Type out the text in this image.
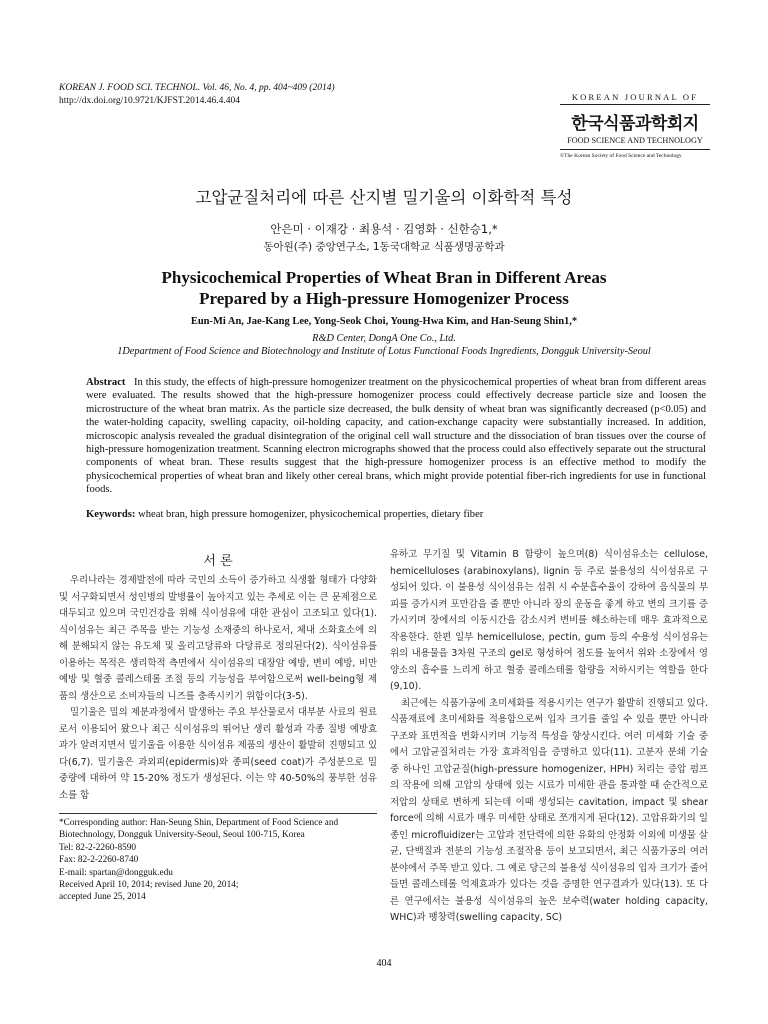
KOREAN J. FOOD SCI. TECHNOL. Vol. 46, No. 4, pp. 404~409 (2014)
http://dx.doi.org/10.9721/KJFST.2014.46.4.404	KOREAN JOURNAL OF
한국식품과학회지
FOOD SCIENCE AND TECHNOLOGY
©The Korean Society of Food Science and Technology
고압균질처리에 따른 산지별 밀기울의 이화학적 특성
안은미 · 이재강 · 최용석 · 김영화 · 신한승1,*
동아원(주) 중앙연구소, 1동국대학교 식품생명공학과
Physicochemical Properties of Wheat Bran in Different Areas
Prepared by a High-pressure Homogenizer Process
Eun-Mi An, Jae-Kang Lee, Yong-Seok Choi, Young-Hwa Kim, and Han-Seung Shin1,*
R&D Center, DongA One Co., Ltd.
1Department of Food Science and Biotechnology and Institute of Lotus Functional Foods Ingredients, Dongguk University-Seoul
Abstract In this study, the effects of high-pressure homogenizer treatment on the physicochemical properties of wheat bran from different areas were evaluated. The results showed that the high-pressure homogenizer process could effectively decrease particle size and loosen the microstructure of the wheat bran matrix. As the particle size decreased, the bulk density of wheat bran was significantly decreased (p<0.05) and the water-holding capacity, swelling capacity, oil-holding capacity, and cation-exchange capacity were substantially increased. In addition, microscopic analysis revealed the gradual disintegration of the original cell wall structure and the dissociation of bran tissues over the course of high-pressure homogenization treatment. Scanning electron micrographs showed that the process could also effectively separate out the structural components of wheat bran. These results suggest that the high-pressure homogenizer process is an effective method to modify the physicochemical properties of wheat bran and likely other cereal brans, which might provide potential fiber-rich ingredients for use in functional foods.
Keywords: wheat bran, high pressure homogenizer, physicochemical properties, dietary fiber
서 론

우리나라는 경제발전에 따라 국민의 소득이 증가하고 식생활 형태가 다양화 및 서구화되면서 성인병의 발병률이 높아지고 있는 추세로 이는 큰 문제점으로 대두되고 있으며 국민건강을 위해 식이섬유에 대한 관심이 고조되고 있다(1). 식이섬유는 최근 주목을 받는 기능성 소재중의 하나로서, 체내 소화효소에 의해 분해되지 않는 유도체 및 올리고당류와 다당류로 정의된다(2). 식이섬유를 이용하는 목적은 생리학적 측면에서 식이섬유의 대장암 예방, 변비 예방, 비만 예방 및 혈중 콜레스테롤 조절 등의 기능성을 부여함으로써 well-being형 제품의 생산으로 소비자들의 니즈를 충족시키기 위함이다(3-5).

밀기울은 밀의 제분과정에서 발생하는 주요 부산물로서 대부분 사료의 원료로서 이용되어 왔으나 최근 식이섬유의 뛰어난 생리 활성과 각종 질병 예방효과가 알려지면서 밀기울을 이용한 식이섬유 제품의 생산이 활발히 진행되고 있다(6,7). 밀기울은 과외피(epidermis)와 종피(seed coat)가 주성분으로 밀중량에 대하여 약 15-20% 정도가 생성된다. 이는 약 40-50%의 풍부한 섬유소를 함

유하고 무기질 및 Vitamin B 함량이 높으며(8) 식이섬유소는 cellulose, hemicelluloses (arabinoxylans), lignin 등 주로 불용성의 식이섬유로 구성되어 있다. 이 불용성 식이섬유는 섭취 시 수분흡수율이 강하여 음식물의 부피를 증가시켜 포만감을 줄 뿐만 아니라 장의 운동을 좋게 하고 변의 크기를 증가시키며 장에서의 이동시간을 감소시켜 변비를 해소하는데 매우 효과적으로 작용한다. 한편 일부 hemicellulose, pectin, gum 등의 수용성 식이섬유는 위의 내용물을 3차원 구조의 gel로 형성하여 점도를 높여서 위와 소장에서 영양소의 흡수를 느리게 하고 혈중 콜레스테롤 함량을 저하시키는 역할을 한다(9,10).

최근에는 식품가공에 초미세화를 적용시키는 연구가 활발히 진행되고 있다. 식품재료에 초미세화를 적용함으로써 입자 크기를 줄일 수 있을 뿐만 아니라 구조와 표면적을 변화시키며 기능적 특성을 향상시킨다. 여러 미세화 기술 중에서 고압균질처리는 가장 효과적임을 증명하고 있다(11). 고분자 분쇄 기술 중 하나인 고압균질(high-pressure homogenizer, HPH) 처리는 증압 펌프의 작용에 의해 고압의 상태에 있는 시료가 미세한 관을 통과할 때 순간적으로 저압의 상태로 변하게 되는데 이때 생성되는 cavitation, impact 및 shear force에 의해 시료가 매우 미세한 상태로 쪼개지게 된다(12). 고압유화기의 일종인 microfluidizer는 고압과 전단력에 의한 유화의 안정화 이외에 미생물 살균, 단백질과 전분의 기능성 조절작용 등이 보고되면서, 최근 식품가공의 여러 분야에서 주목 받고 있다. 그 예로 당근의 불용성 식이섬유의 입자 크기가 줄어들면 콜레스테롤 억제효과가 있다는 것을 증명한 연구결과가 있다(13). 또 다른 연구에서는 불용성 식이섬유의 높은 보수력(water holding capacity, WHC)과 팽창력(swelling capacity, SC)

*Corresponding author: Han-Seung Shin, Department of Food Science and Biotechnology, Dongguk University-Seoul, Seoul 100-715, Korea
Tel: 82-2-2260-8590
Fax: 82-2-2260-8740
E-mail: spartan@dongguk.edu
Received April 10, 2014; revised June 20, 2014;
accepted June 25, 2014
404
